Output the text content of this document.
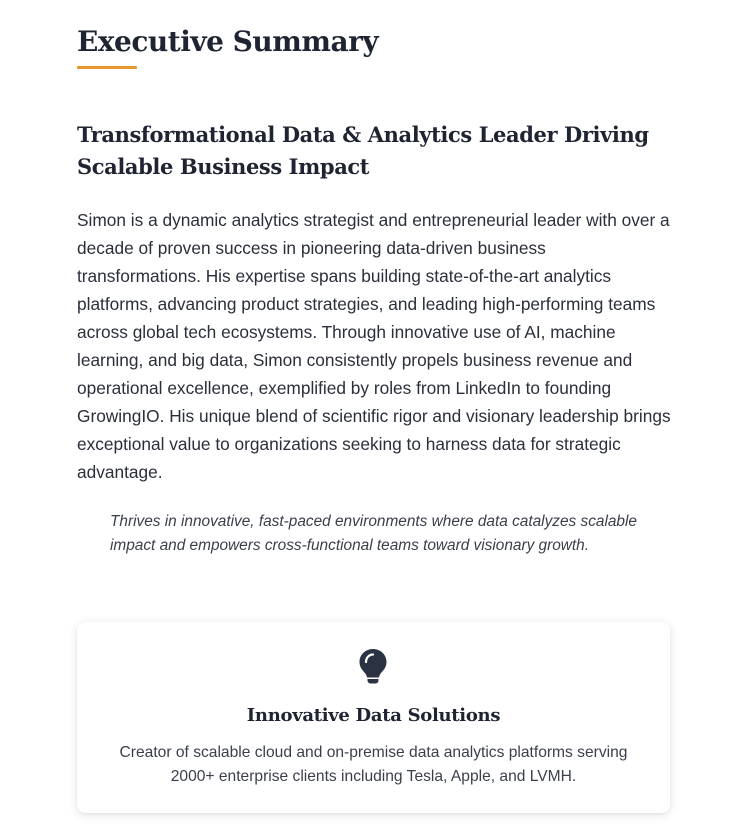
Executive Summary
Transformational Data & Analytics Leader Driving Scalable Business Impact

Simon is a dynamic analytics strategist and entrepreneurial leader with over a decade of proven success in pioneering data-driven business transformations. His expertise spans building state-of-the-art analytics platforms, advancing product strategies, and leading high-performing teams across global tech ecosystems. Through innovative use of AI, machine learning, and big data, Simon consistently propels business revenue and operational excellence, exemplified by roles from LinkedIn to founding GrowingIO. His unique blend of scientific rigor and visionary leadership brings exceptional value to organizations seeking to harness data for strategic advantage.

Thrives in innovative, fast-paced environments where data catalyzes scalable impact and empowers cross-functional teams toward visionary growth.
Innovative Data Solutions

Creator of scalable cloud and on-premise data analytics platforms serving 2000+ enterprise clients including Tesla, Apple, and LVMH.
